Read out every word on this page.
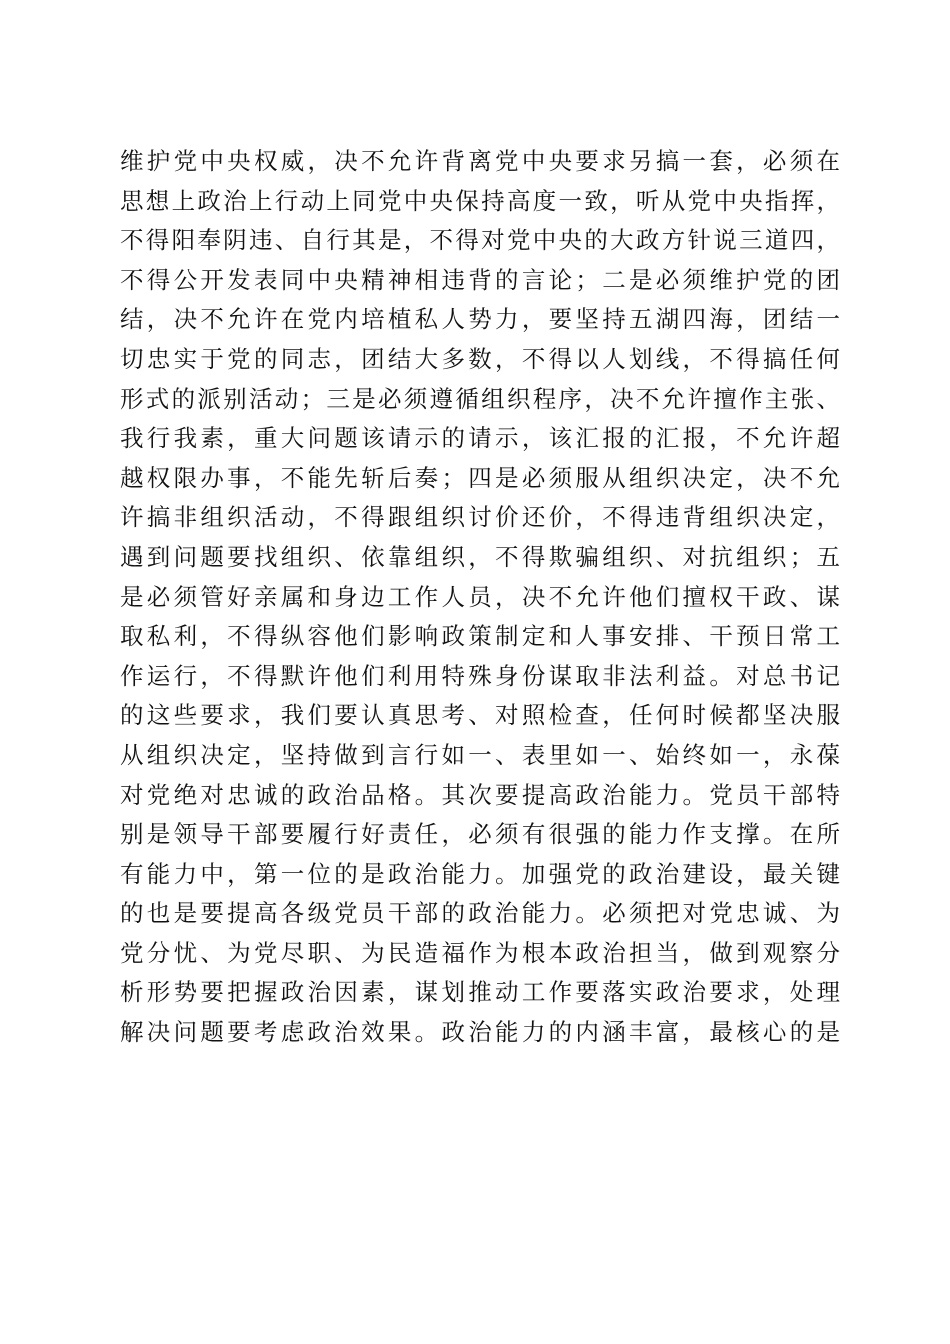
维护党中央权威，决不允许背离党中央要求另搞一套，必须在
思想上政治上行动上同党中央保持高度一致，听从党中央指挥，
不得阳奉阴违、自行其是，不得对党中央的大政方针说三道四，
不得公开发表同中央精神相违背的言论；二是必须维护党的团
结，决不允许在党内培植私人势力，要坚持五湖四海，团结一
切忠实于党的同志，团结大多数，不得以人划线，不得搞任何
形式的派别活动；三是必须遵循组织程序，决不允许擅作主张、
我行我素，重大问题该请示的请示，该汇报的汇报，不允许超
越权限办事，不能先斩后奏；四是必须服从组织决定，决不允
许搞非组织活动，不得跟组织讨价还价，不得违背组织决定，
遇到问题要找组织、依靠组织，不得欺骗组织、对抗组织；五
是必须管好亲属和身边工作人员，决不允许他们擅权干政、谋
取私利，不得纵容他们影响政策制定和人事安排、干预日常工
作运行，不得默许他们利用特殊身份谋取非法利益。对总书记
的这些要求，我们要认真思考、对照检查，任何时候都坚决服
从组织决定，坚持做到言行如一、表里如一、始终如一，永葆
对党绝对忠诚的政治品格。其次要提高政治能力。党员干部特
别是领导干部要履行好责任，必须有很强的能力作支撑。在所
有能力中，第一位的是政治能力。加强党的政治建设，最关键
的也是要提高各级党员干部的政治能力。必须把对党忠诚、为
党分忧、为党尽职、为民造福作为根本政治担当，做到观察分
析形势要把握政治因素，谋划推动工作要落实政治要求，处理
解决问题要考虑政治效果。政治能力的内涵丰富，最核心的是
